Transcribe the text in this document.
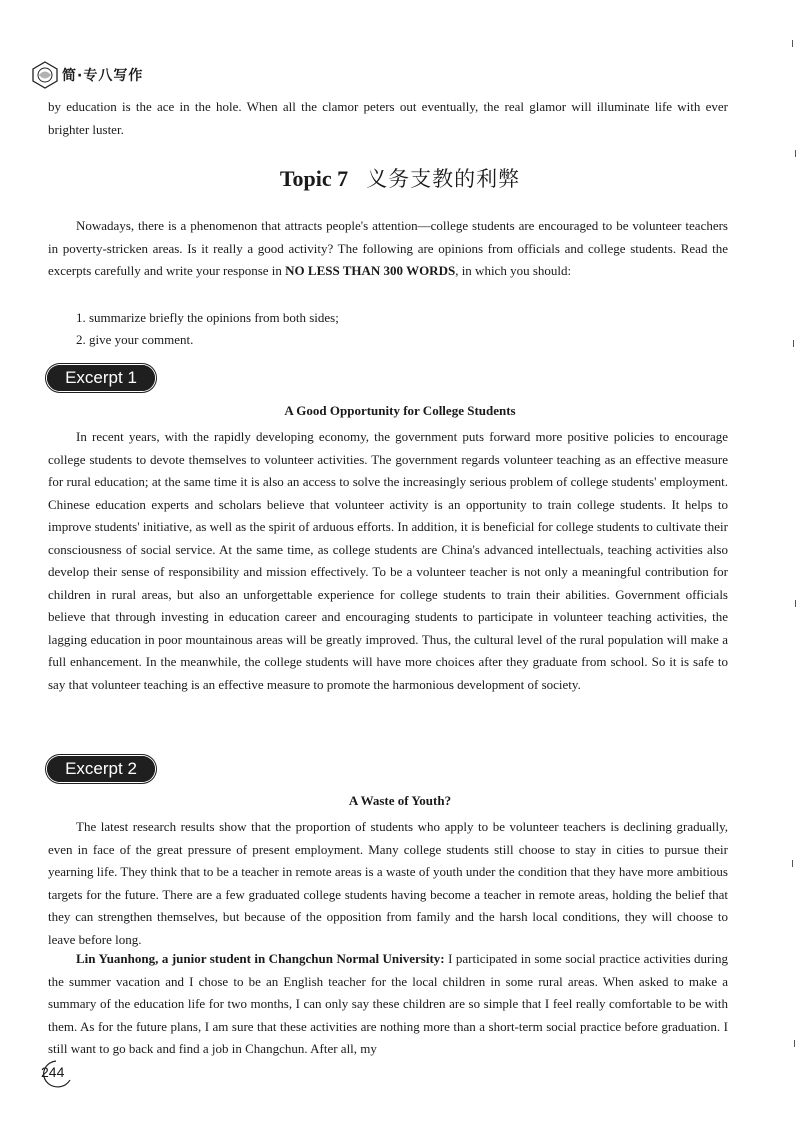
简·专八写作
by education is the ace in the hole. When all the clamor peters out eventually, the real glamor will illuminate life with ever brighter luster.
Topic 7 义务支教的利弊
Nowadays, there is a phenomenon that attracts people's attention—college students are encouraged to be volunteer teachers in poverty-stricken areas. Is it really a good activity? The following are opinions from officials and college students. Read the excerpts carefully and write your response in NO LESS THAN 300 WORDS, in which you should:
1. summarize briefly the opinions from both sides;
2. give your comment.
Excerpt 1
A Good Opportunity for College Students
In recent years, with the rapidly developing economy, the government puts forward more positive policies to encourage college students to devote themselves to volunteer activities. The government regards volunteer teaching as an effective measure for rural education; at the same time it is also an access to solve the increasingly serious problem of college students' employment. Chinese education experts and scholars believe that volunteer activity is an opportunity to train college students. It helps to improve students' initiative, as well as the spirit of arduous efforts. In addition, it is beneficial for college students to cultivate their consciousness of social service. At the same time, as college students are China's advanced intellectuals, teaching activities also develop their sense of responsibility and mission effectively. To be a volunteer teacher is not only a meaningful contribution for children in rural areas, but also an unforgettable experience for college students to train their abilities. Government officials believe that through investing in education career and encouraging students to participate in volunteer teaching activities, the lagging education in poor mountainous areas will be greatly improved. Thus, the cultural level of the rural population will make a full enhancement. In the meanwhile, the college students will have more choices after they graduate from school. So it is safe to say that volunteer teaching is an effective measure to promote the harmonious development of society.
Excerpt 2
A Waste of Youth?
The latest research results show that the proportion of students who apply to be volunteer teachers is declining gradually, even in face of the great pressure of present employment. Many college students still choose to stay in cities to pursue their yearning life. They think that to be a teacher in remote areas is a waste of youth under the condition that they have more ambitious targets for the future. There are a few graduated college students having become a teacher in remote areas, holding the belief that they can strengthen themselves, but because of the opposition from family and the harsh local conditions, they will choose to leave before long.
Lin Yuanhong, a junior student in Changchun Normal University: I participated in some social practice activities during the summer vacation and I chose to be an English teacher for the local children in some rural areas. When asked to make a summary of the education life for two months, I can only say these children are so simple that I feel really comfortable to be with them. As for the future plans, I am sure that these activities are nothing more than a short-term social practice before graduation. I still want to go back and find a job in Changchun. After all, my
244
